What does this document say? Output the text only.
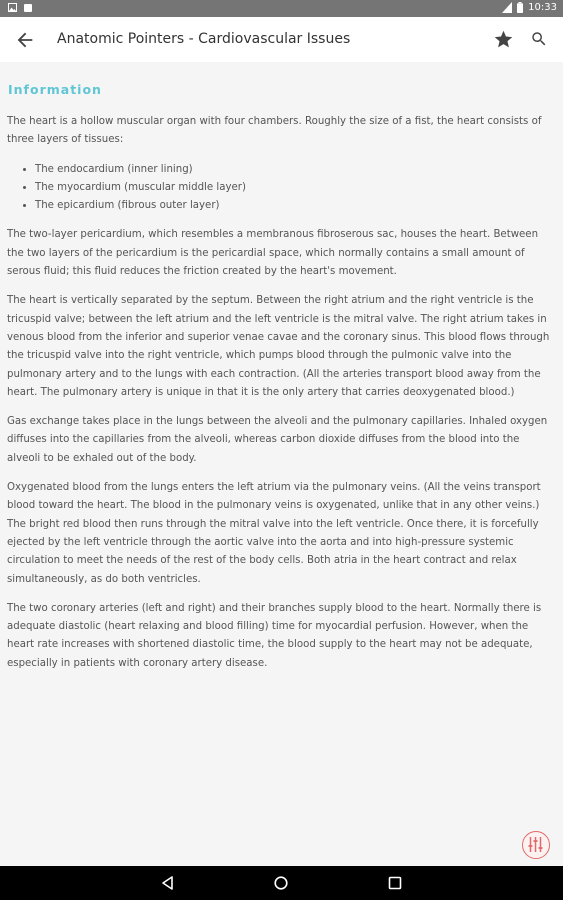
10:33
Anatomic Pointers - Cardiovascular Issues
Information

The heart is a hollow muscular organ with four chambers. Roughly the size of a fist, the heart consists of three layers of tissues:

• The endocardium (inner lining)
• The myocardium (muscular middle layer)
• The epicardium (fibrous outer layer)

The two-layer pericardium, which resembles a membranous fibroserous sac, houses the heart. Between the two layers of the pericardium is the pericardial space, which normally contains a small amount of serous fluid; this fluid reduces the friction created by the heart's movement.

The heart is vertically separated by the septum. Between the right atrium and the right ventricle is the tricuspid valve; between the left atrium and the left ventricle is the mitral valve. The right atrium takes in venous blood from the inferior and superior venae cavae and the coronary sinus. This blood flows through the tricuspid valve into the right ventricle, which pumps blood through the pulmonic valve into the pulmonary artery and to the lungs with each contraction. (All the arteries transport blood away from the heart. The pulmonary artery is unique in that it is the only artery that carries deoxygenated blood.)

Gas exchange takes place in the lungs between the alveoli and the pulmonary capillaries. Inhaled oxygen diffuses into the capillaries from the alveoli, whereas carbon dioxide diffuses from the blood into the alveoli to be exhaled out of the body.

Oxygenated blood from the lungs enters the left atrium via the pulmonary veins. (All the veins transport blood toward the heart. The blood in the pulmonary veins is oxygenated, unlike that in any other veins.) The bright red blood then runs through the mitral valve into the left ventricle. Once there, it is forcefully ejected by the left ventricle through the aortic valve into the aorta and into high-pressure systemic circulation to meet the needs of the rest of the body cells. Both atria in the heart contract and relax simultaneously, as do both ventricles.

The two coronary arteries (left and right) and their branches supply blood to the heart. Normally there is adequate diastolic (heart relaxing and blood filling) time for myocardial perfusion. However, when the heart rate increases with shortened diastolic time, the blood supply to the heart may not be adequate, especially in patients with coronary artery disease.
